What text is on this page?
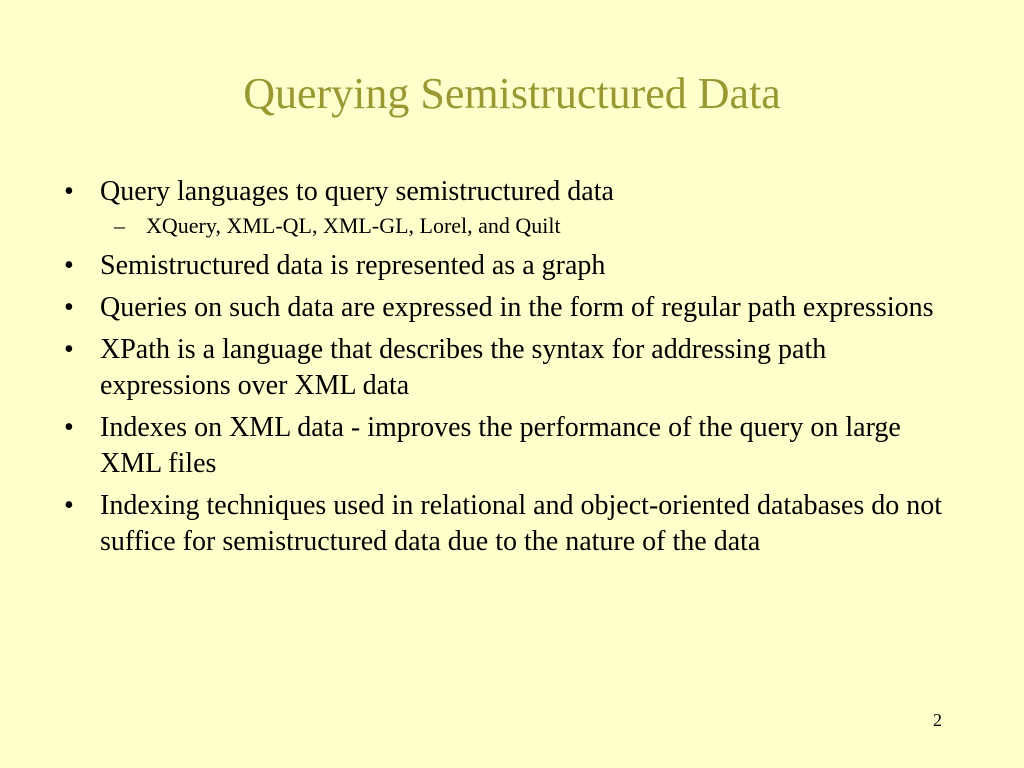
Querying Semistructured Data
• Query languages to query semistructured data
– XQuery, XML-QL, XML-GL, Lorel, and Quilt
• Semistructured data is represented as a graph
• Queries on such data are expressed in the form of regular path expressions
• XPath is a language that describes the syntax for addressing path expressions over XML data
• Indexes on XML data - improves the performance of the query on large XML files
• Indexing techniques used in relational and object-oriented databases do not suffice for semistructured data due to the nature of the data
2
